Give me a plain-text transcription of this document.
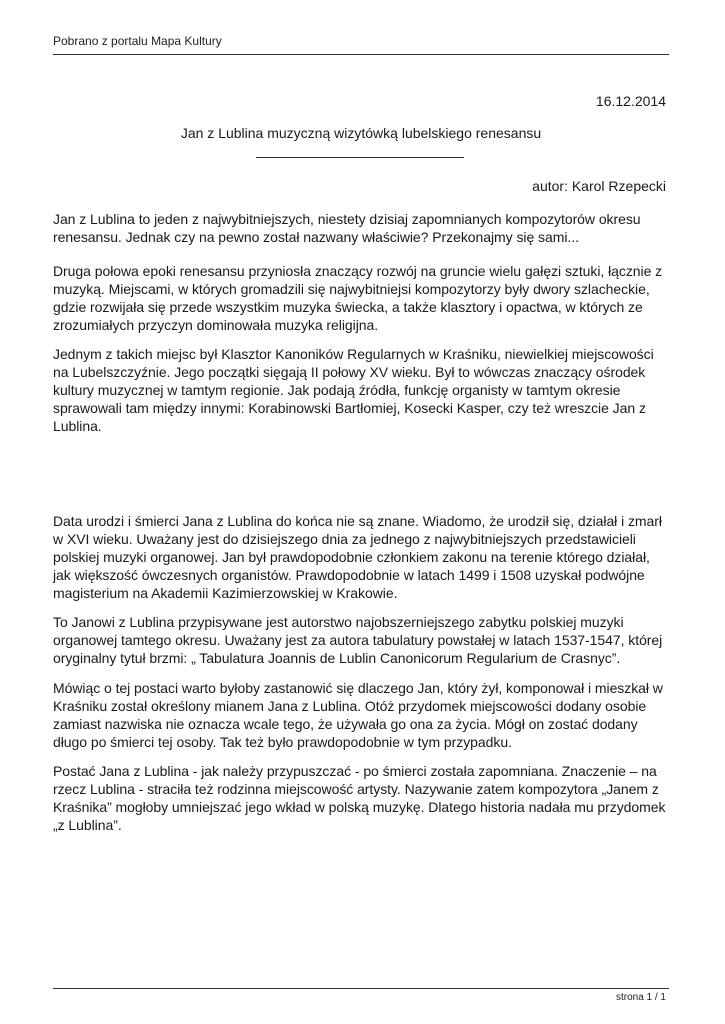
Pobrano z portalu Mapa Kultury
16.12.2014
Jan z Lublina muzyczną wizytówką lubelskiego renesansu
autor: Karol Rzepecki

Jan z Lublina to jeden z najwybitniejszych, niestety dzisiaj zapomnianych kompozytorów okresu renesansu. Jednak czy na pewno został nazwany właściwie? Przekonajmy się sami...

Druga połowa epoki renesansu przyniosła znaczący rozwój na gruncie wielu gałęzi sztuki, łącznie z muzyką. Miejscami, w których gromadzili się najwybitniejsi kompozytorzy były dwory szlacheckie, gdzie rozwijała się przede wszystkim muzyka świecka, a także klasztory i opactwa, w których ze zrozumiałych przyczyn dominowała muzyka religijna.

Jednym z takich miejsc był Klasztor Kanoników Regularnych w Kraśniku, niewielkiej miejscowości na Lubelszczyźnie. Jego początki sięgają II połowy XV wieku. Był to wówczas znaczący ośrodek kultury muzycznej w tamtym regionie. Jak podają źródła, funkcję organisty w tamtym okresie sprawowali tam między innymi: Korabinowski Bartłomiej, Kosecki Kasper, czy też wreszcie Jan z Lublina.

Data urodzi i śmierci Jana z Lublina do końca nie są znane. Wiadomo, że urodził się, działał i zmarł w XVI wieku. Uważany jest do dzisiejszego dnia za jednego z najwybitniejszych przedstawicieli polskiej muzyki organowej. Jan był prawdopodobnie członkiem zakonu na terenie którego działał, jak większość ówczesnych organistów. Prawdopodobnie w latach 1499 i 1508 uzyskał podwójne magisterium na Akademii Kazimierzowskiej w Krakowie.

To Janowi z Lublina przypisywane jest autorstwo najobszerniejszego zabytku polskiej muzyki organowej tamtego okresu. Uważany jest za autora tabulatury powstałej w latach 1537-1547, której oryginalny tytuł brzmi: „ Tabulatura Joannis de Lublin Canonicorum Regularium de Crasnyc”.

Mówiąc o tej postaci warto byłoby zastanowić się dlaczego Jan, który żył, komponował i mieszkał w Kraśniku został określony mianem Jana z Lublina. Otóż przydomek miejscowości dodany osobie zamiast nazwiska nie oznacza wcale tego, że używała go ona za życia. Mógł on zostać dodany długo po śmierci tej osoby. Tak też było prawdopodobnie w tym przypadku.

Postać Jana z Lublina - jak należy przypuszczać - po śmierci została zapomniana. Znaczenie – na rzecz Lublina - straciła też rodzinna miejscowość artysty. Nazywanie zatem kompozytora „Janem z Kraśnika” mogłoby umniejszać jego wkład w polską muzykę. Dlatego historia nadała mu przydomek „z Lublina”.

strona 1 / 1
